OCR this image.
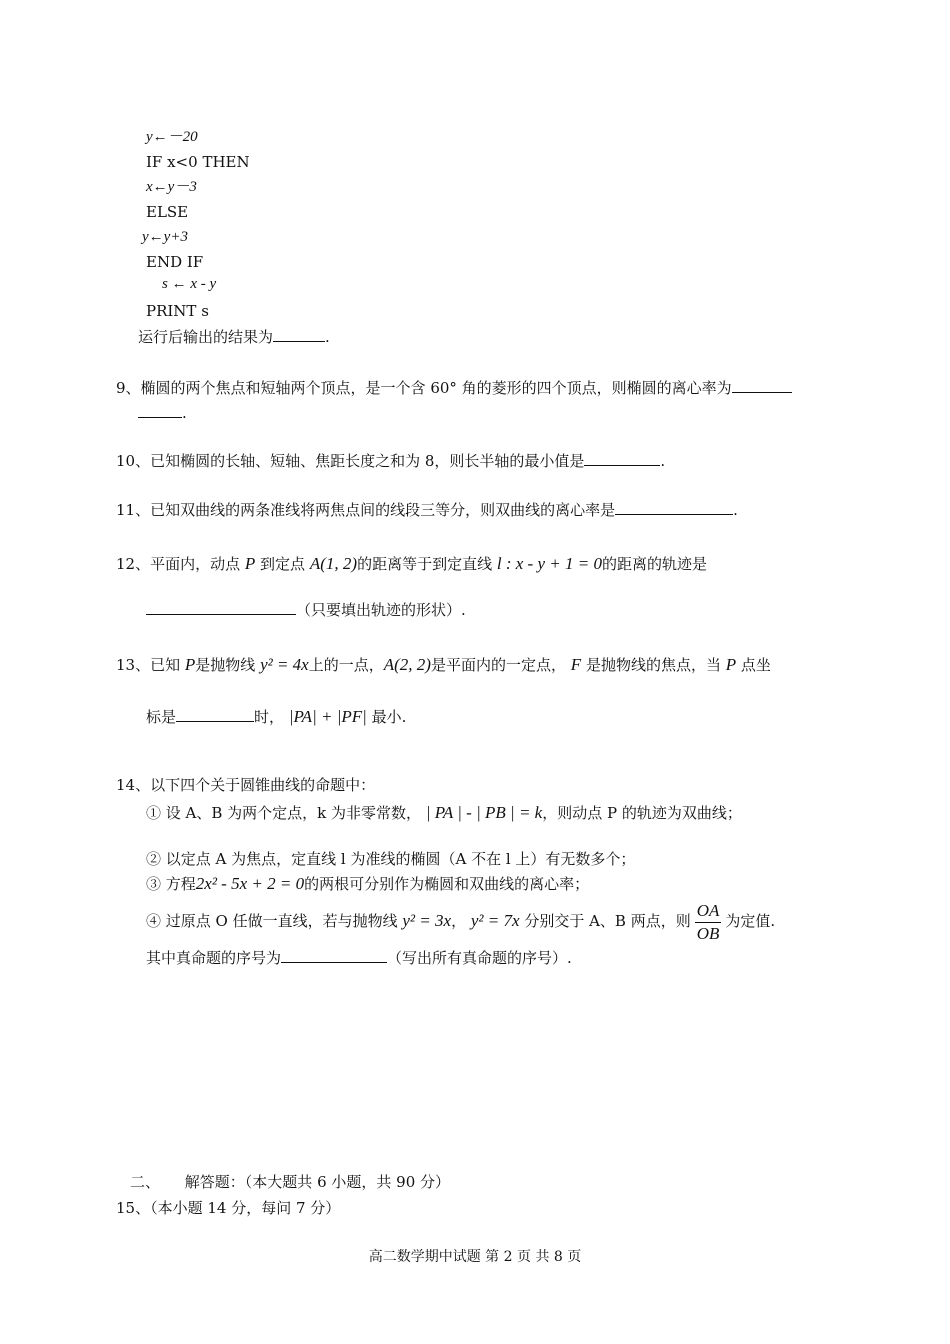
y←－20
IF x<0 THEN
x←y－3
ELSE
y←y+3
END IF
s ← x - y
PRINT s
运行后输出的结果为	.
9、椭圆的两个焦点和短轴两个顶点，是一个含 60° 角的菱形的四个顶点，则椭圆的离心率为
.
10、已知椭圆的长轴、短轴、焦距长度之和为 8，则长半轴的最小值是	.
11、已知双曲线的两条准线将两焦点间的线段三等分，则双曲线的离心率是	.
12、平面内，动点 P 到定点 A(1, 2)的距离等于到定直线 l : x - y + 1 = 0的距离的轨迹是
（只要填出轨迹的形状）.
13、已知 P是抛物线 y² = 4x上的一点，A(2, 2)是平面内的一定点， F 是抛物线的焦点，当 P 点坐
标是	时， |PA| + |PF| 最小.
14、以下四个关于圆锥曲线的命题中：
① 设 A、B 为两个定点，k 为非零常数， | PA | - | PB | = k，则动点 P 的轨迹为双曲线；
② 以定点 A 为焦点，定直线 l 为准线的椭圆（A 不在 l 上）有无数多个；
③ 方程2x² - 5x + 2 = 0的两根可分别作为椭圆和双曲线的离心率；
④ 过原点 O 任做一直线，若与抛物线 y² = 3x， y² = 7x 分别交于 A、B 两点，则 $\frac{OA}{OB}$ 为定值.
其中真命题的序号为	（写出所有真命题的序号）.
二、 解答题：（本大题共 6 小题，共 90 分）
15、（本小题 14 分，每问 7 分）
高二数学期中试题 第 2 页 共 8 页
